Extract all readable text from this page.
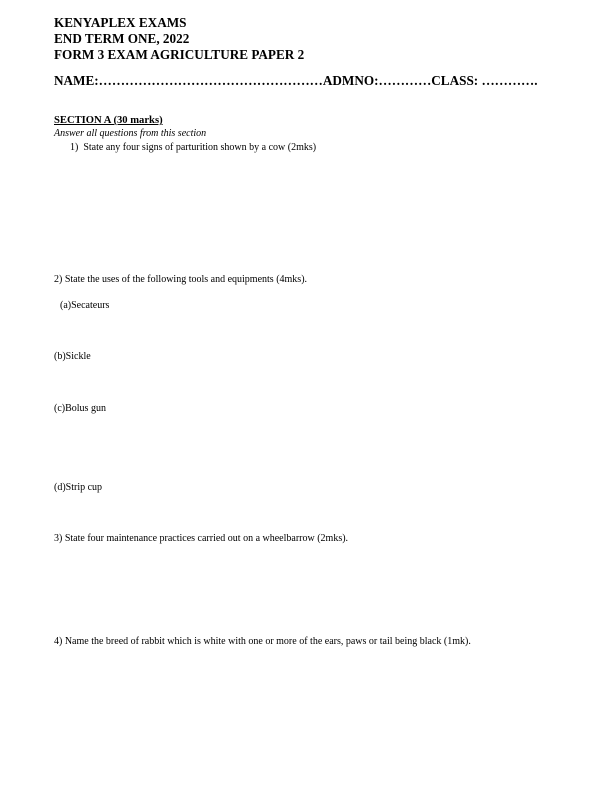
KENYAPLEX EXAMS
END TERM ONE, 2022
FORM 3 EXAM AGRICULTURE PAPER 2
NAME:……………………………………………ADMNO:…………CLASS: ………….
SECTION A (30 marks)
Answer all questions from this section
1)  State any four signs of parturition shown by a cow (2mks)
2) State the uses of the following tools and equipments (4mks).
(a)Secateurs
(b)Sickle
(c)Bolus gun
(d)Strip cup
3) State four maintenance practices carried out on a wheelbarrow (2mks).
4) Name the breed of rabbit which is white with one or more of the ears, paws or tail being black (1mk).
